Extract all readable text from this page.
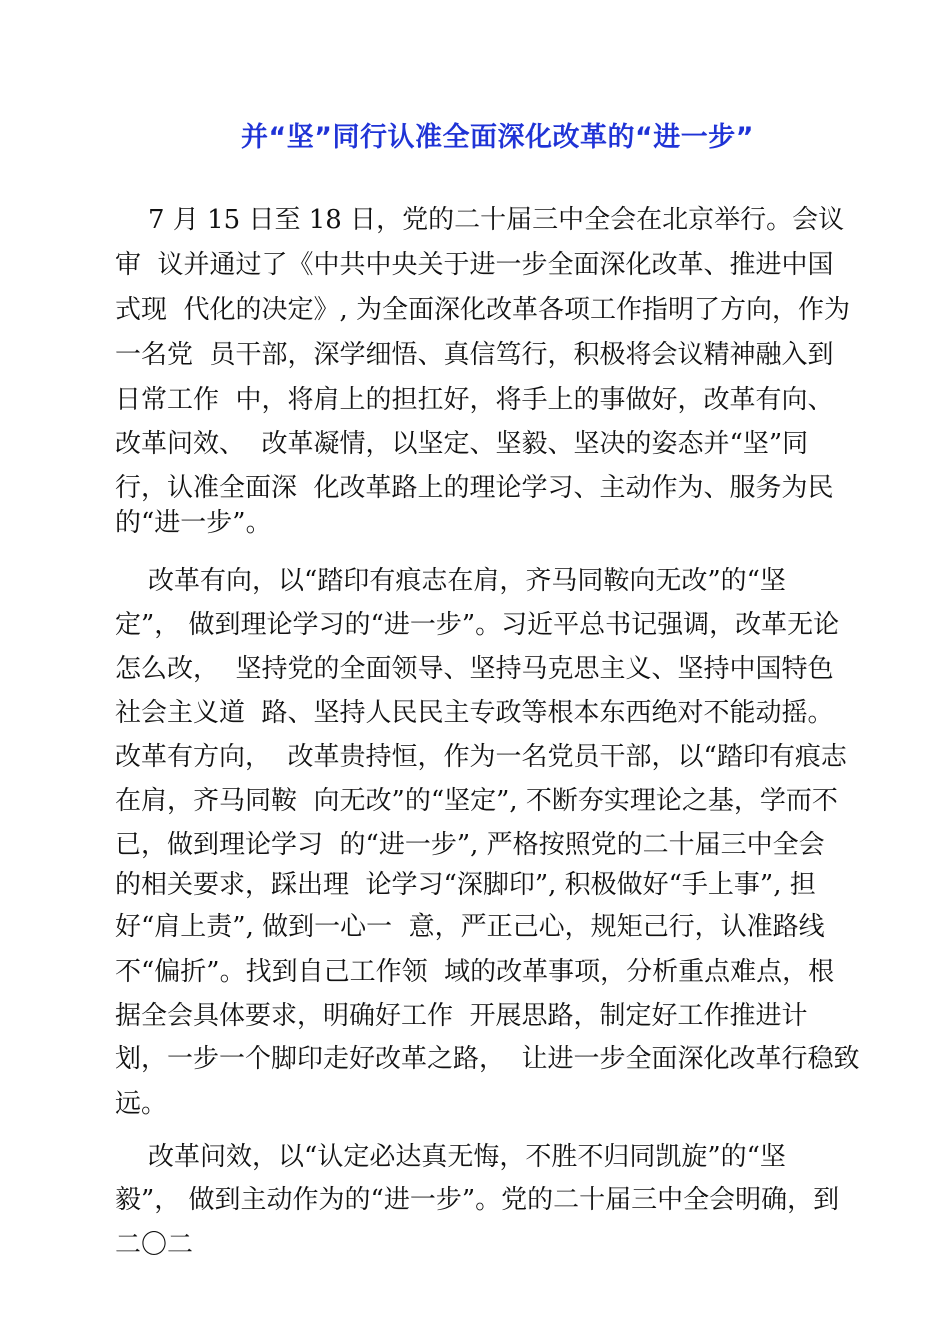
并“坚”同行认准全面深化改革的“进一步”
7 月 15 日至 18 日，党的二十届三中全会在北京举行。会议
审  议并通过了《中共中央关于进一步全面深化改革、推进中国
式现  代化的决定》, 为全面深化改革各项工作指明了方向，作为
一名党  员干部，深学细悟、真信笃行，积极将会议精神融入到
日常工作  中，将肩上的担扛好，将手上的事做好，改革有向、
改革问效、  改革凝情，以坚定、坚毅、坚决的姿态并“坚”同
行，认准全面深  化改革路上的理论学习、主动作为、服务为民
的“进一步”。
改革有向，以“踏印有痕志在肩，齐马同鞍向无改”的“坚
定”， 做到理论学习的“进一步”。习近平总书记强调，改革无论
怎么改，  坚持党的全面领导、坚持马克思主义、坚持中国特色
社会主义道  路、坚持人民民主专政等根本东西绝对不能动摇。
改革有方向，  改革贵持恒，作为一名党员干部，以“踏印有痕志
在肩，齐马同鞍  向无改”的“坚定”, 不断夯实理论之基，学而不
已，做到理论学习  的“进一步”, 严格按照党的二十届三中全会
的相关要求，踩出理  论学习“深脚印”, 积极做好“手上事”, 担
好“肩上责”, 做到一心一  意，严正己心，规矩己行，认准路线
不“偏折”。找到自己工作领  域的改革事项，分析重点难点，根
据全会具体要求，明确好工作  开展思路，制定好工作推进计
划，一步一个脚印走好改革之路，  让进一步全面深化改革行稳致
远。
改革问效，以“认定必达真无悔，不胜不归同凯旋”的“坚
毅”， 做到主动作为的“进一步”。党的二十届三中全会明确，到
二〇二
